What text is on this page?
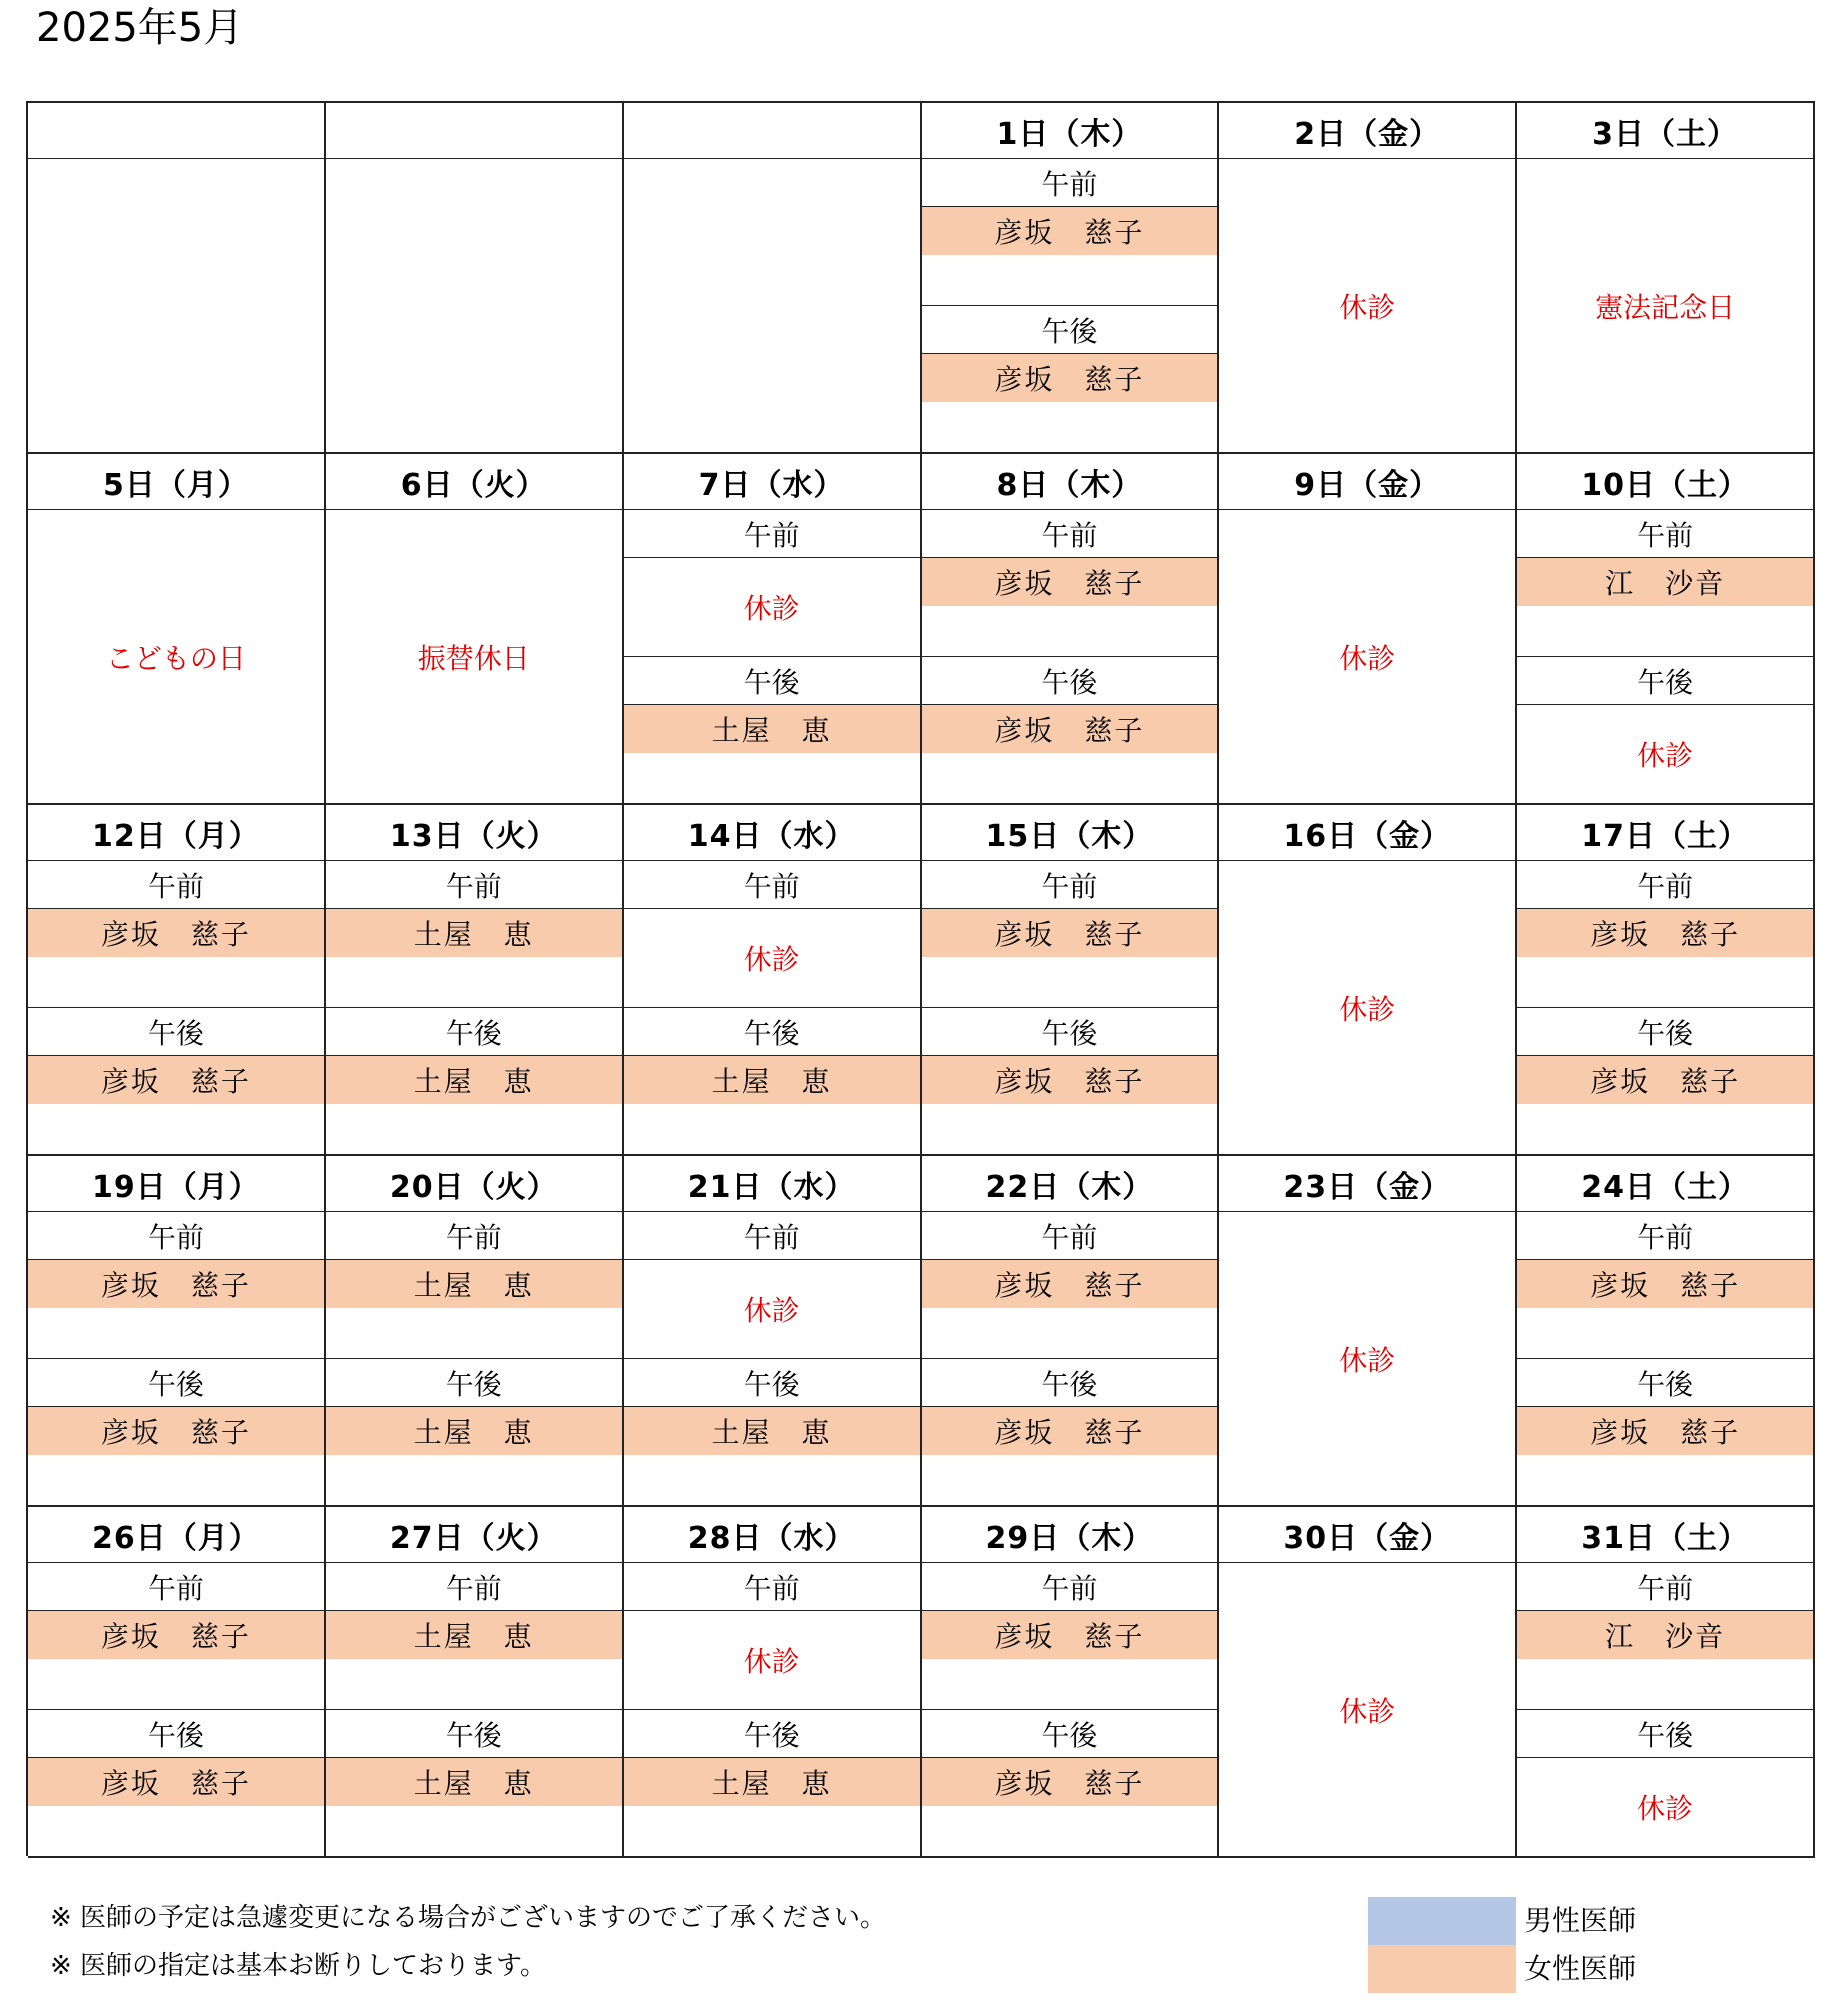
2025年5月
1日（木）
午前
彦坂　慈子
午後
彦坂　慈子
2日（金）
休診
3日（土）
憲法記念日
5日（月）
こどもの日
6日（火）
振替休日
7日（水）
午前
休診
午後
土屋　恵
8日（木）
午前
彦坂　慈子
午後
彦坂　慈子
9日（金）
休診
10日（土）
午前
江　沙音
午後
休診
12日（月）
午前
彦坂　慈子
午後
彦坂　慈子
13日（火）
午前
土屋　恵
午後
土屋　恵
14日（水）
午前
休診
午後
土屋　恵
15日（木）
午前
彦坂　慈子
午後
彦坂　慈子
16日（金）
休診
17日（土）
午前
彦坂　慈子
午後
彦坂　慈子
19日（月）
午前
彦坂　慈子
午後
彦坂　慈子
20日（火）
午前
土屋　恵
午後
土屋　恵
21日（水）
午前
休診
午後
土屋　恵
22日（木）
午前
彦坂　慈子
午後
彦坂　慈子
23日（金）
休診
24日（土）
午前
彦坂　慈子
午後
彦坂　慈子
26日（月）
午前
彦坂　慈子
午後
彦坂　慈子
27日（火）
午前
土屋　恵
午後
土屋　恵
28日（水）
午前
休診
午後
土屋　恵
29日（木）
午前
彦坂　慈子
午後
彦坂　慈子
30日（金）
休診
31日（土）
午前
江　沙音
午後
休診
※ 医師の予定は急遽変更になる場合がございますのでご了承ください。
※ 医師の指定は基本お断りしております。
男性医師
女性医師
